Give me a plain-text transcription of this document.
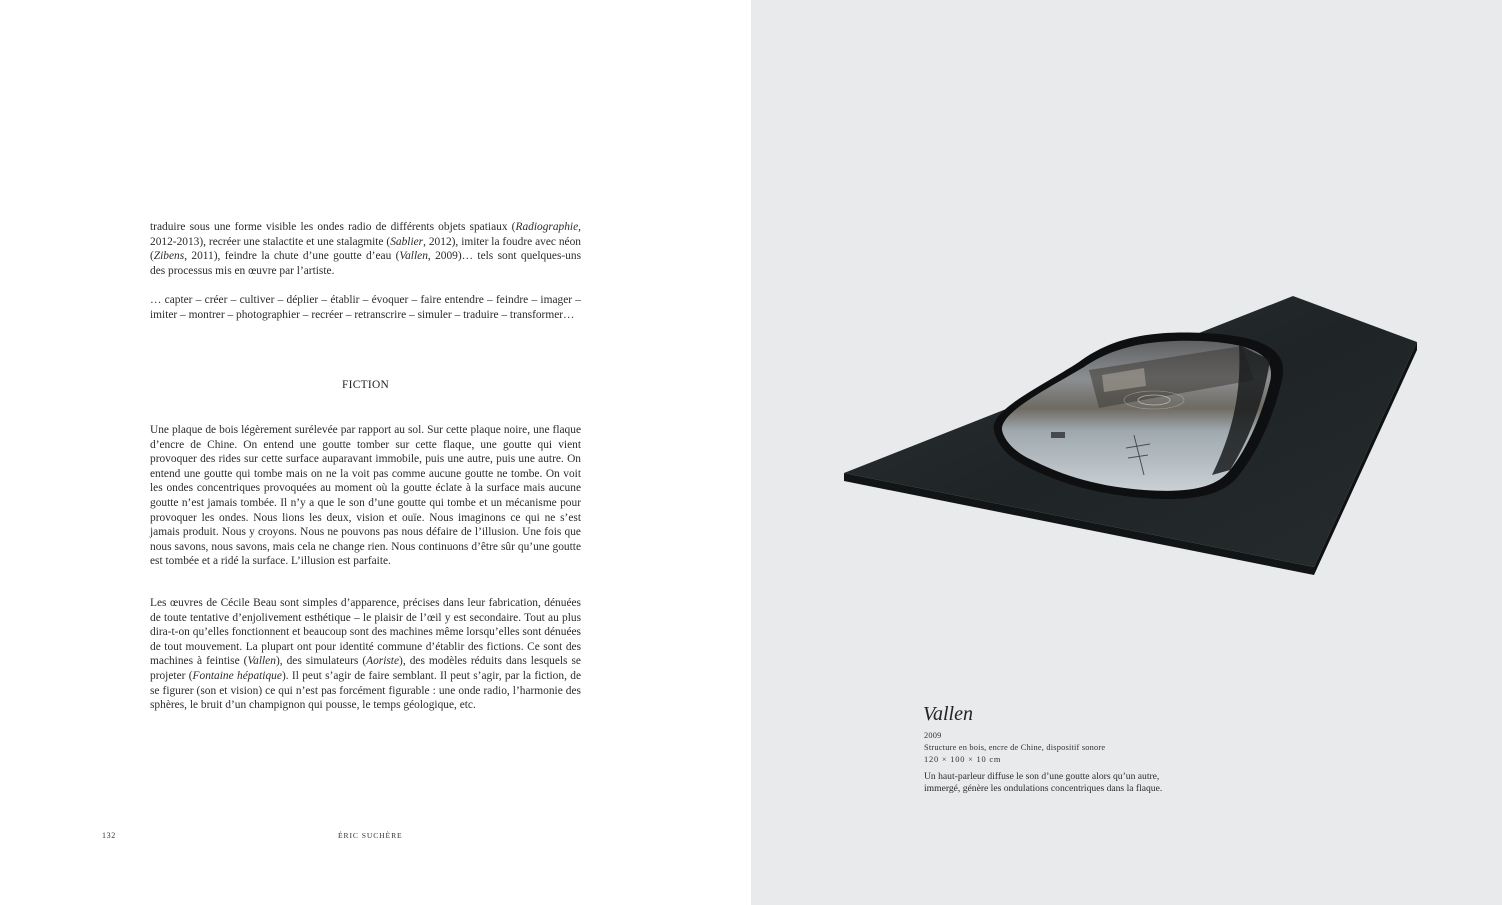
traduire sous une forme visible les ondes radio de différents objets spatiaux (Radiographie, 2012-2013), recréer une stalactite et une stalagmite (Sablier, 2012), imiter la foudre avec néon (Zibens, 2011), feindre la chute d’une goutte d’eau (Vallen, 2009)… tels sont quelques-uns des processus mis en œuvre par l’artiste.

… capter – créer – cultiver – déplier – établir – évoquer – faire entendre – feindre – imager – imiter – montrer – photographier – recréer – retranscrire – simuler – traduire – transformer…

FICTION

Une plaque de bois légèrement surélevée par rapport au sol. Sur cette plaque noire, une flaque d’encre de Chine. On entend une goutte tomber sur cette flaque, une goutte qui vient provoquer des rides sur cette surface auparavant immobile, puis une autre, puis une autre. On entend une goutte qui tombe mais on ne la voit pas comme aucune goutte ne tombe. On voit les ondes concentriques provoquées au moment où la goutte éclate à la surface mais aucune goutte n’est jamais tombée. Il n’y a que le son d’une goutte qui tombe et un mécanisme pour provoquer les ondes. Nous lions les deux, vision et ouïe. Nous imaginons ce qui ne s’est jamais produit. Nous y croyons. Nous ne pouvons pas nous défaire de l’illusion. Une fois que nous savons, nous savons, mais cela ne change rien. Nous continuons d’être sûr qu’une goutte est tombée et a ridé la surface. L’illusion est parfaite.

Les œuvres de Cécile Beau sont simples d’apparence, précises dans leur fabrication, dénuées de toute tentative d’enjolivement esthétique – le plaisir de l’œil y est secondaire. Tout au plus dira-t-on qu’elles fonctionnent et beaucoup sont des machines même lorsqu’elles sont dénuées de tout mouvement. La plupart ont pour identité commune d’établir des fictions. Ce sont des machines à feintise (Vallen), des simulateurs (Aoriste), des modèles réduits dans lesquels se projeter (Fontaine hépatique). Il peut s’agir de faire semblant. Il peut s’agir, par la fiction, de se figurer (son et vision) ce qui n’est pas forcément figurable : une onde radio, l’harmonie des sphères, le bruit d’un champignon qui pousse, le temps géologique, etc.

132	ÉRIC SUCHÈRE
Vallen
2009
Structure en bois, encre de Chine, dispositif sonore
120 × 100 × 10 cm

Un haut-parleur diffuse le son d’une goutte alors qu’un autre,

immergé, génère les ondulations concentriques dans la flaque.
